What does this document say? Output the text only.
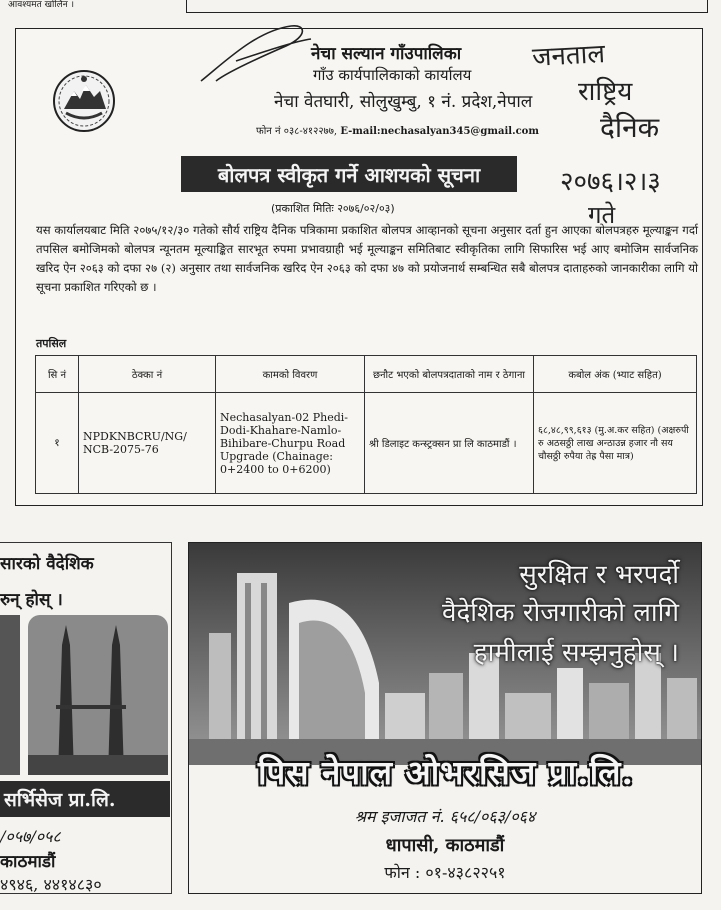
आवश्यमत खोलिन ।
नेचा सल्यान गाँउपालिका
गाँउ कार्यपालिकाको कार्यालय
नेचा वेतघारी, सोलुखुम्बु, १ नं. प्रदेश,नेपाल
फोन नं ०३८-४१२२७७, E-mail:nechasalyan345@gmail.com
बोलपत्र स्वीकृत गर्ने आशयको सूचना
(प्रकाशित मितिः २०७६/०२/०३)
यस कार्यालयबाट मिति २०७५/१२/३० गतेको सौर्य राष्ट्रिय दैनिक पत्रिकामा प्रकाशित बोलपत्र आव्हानको सूचना अनुसार दर्ता हुन आएका बोलपत्रहरु मूल्याङ्कन गर्दा तपसिल बमोजिमको बोलपत्र न्यूनतम मूल्याङ्कित सारभूत रुपमा प्रभावग्राही भई मूल्याङ्कन समितिबाट स्वीकृतिका लागि सिफारिस भई आए बमोजिम सार्वजनिक खरिद ऐन २०६३ को दफा २७ (२) अनुसार तथा सार्वजनिक खरिद ऐन २०६३ को दफा ४७ को प्रयोजनार्थ सम्बन्धित सबै बोलपत्र दाताहरुको जानकारीका लागि यो सूचना प्रकाशित गरिएको छ ।
तपसिल
सि नं	ठेक्का नं	कामको विवरण	छनौट भएको बोलपत्रदाताको नाम र ठेगाना	कबोल अंक (भ्याट सहित)
१	NPDKNBCRU/NG/ NCB-2075-76	Nechasalyan-02 Phedi-Dodi-Khahare-Namlo-Bihibare-Churpu Road Upgrade (Chainage: 0+2400 to 0+6200)	श्री डिलाइट कन्स्ट्रक्सन प्रा लि काठमाडौं ।	६८,४८,९९,६१३ (मु.अ.कर सहित) (अक्षरुपी रु अठसठ्ठी लाख अन्ठाउन्न हजार नौ सय चौसठ्ठी रुपैया तेह्र पैसा मात्र)
जनताल
राष्ट्रिय
दैनिक
२०७६।२।३
गते
सारको वैदेशिक
रुन् होस् ।
सर्भिसेज प्रा.लि.
/०५७/०५८
काठमाडौं
४९४६, ४४१४८३०
सुरक्षित र भरपर्दो
वैदेशिक रोजगारीको लागि
हामीलाई सम्झनुहोस् ।
पिस नेपाल ओभरसिज प्रा.लि.
श्रम इजाजत नं. ६५८/०६३/०६४
धापासी, काठमाडौं
फोन : ०१-४३८२२५१
